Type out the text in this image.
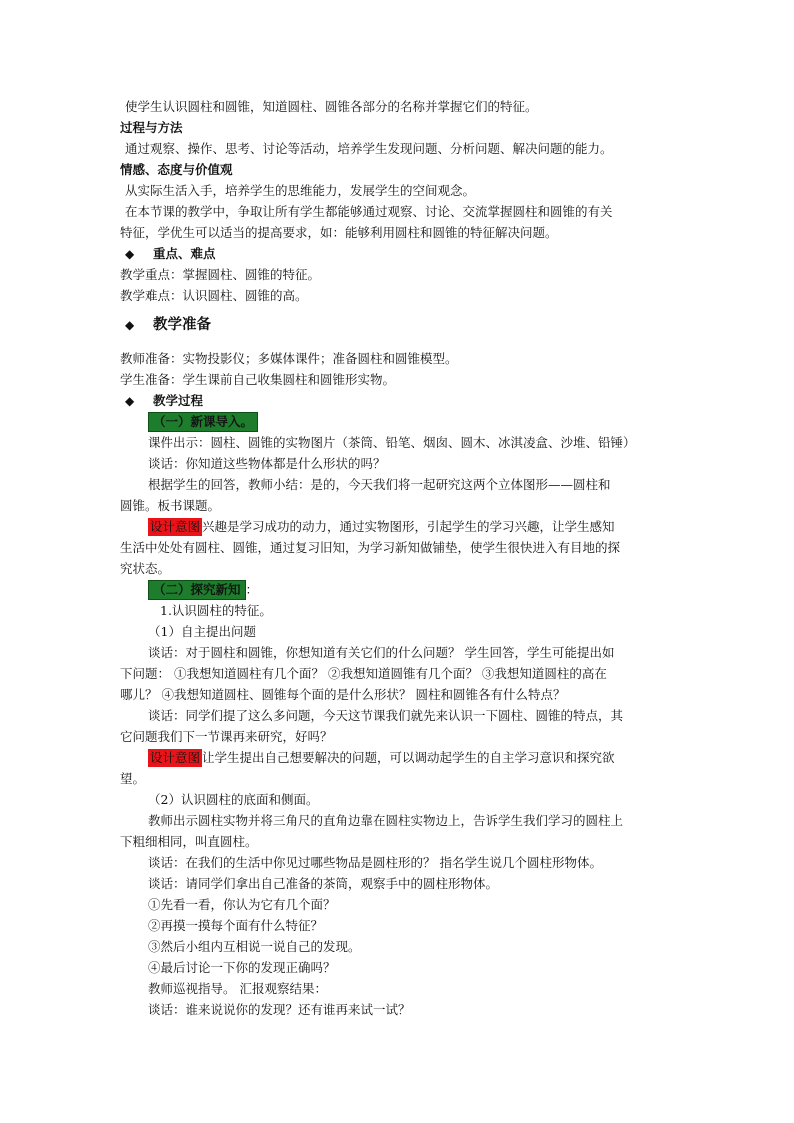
使学生认识圆柱和圆锥，知道圆柱、圆锥各部分的名称并掌握它们的特征。
过程与方法
通过观察、操作、思考、讨论等活动，培养学生发现问题、分析问题、解决问题的能力。
情感、态度与价值观
从实际生活入手，培养学生的思维能力，发展学生的空间观念。
在本节课的教学中，争取让所有学生都能够通过观察、讨论、交流掌握圆柱和圆锥的有关
特征，学优生可以适当的提高要求，如：能够利用圆柱和圆锥的特征解决问题。
◆ 重点、难点
教学重点：掌握圆柱、圆锥的特征。
教学难点：认识圆柱、圆锥的高。
◆ 教学准备
教师准备：实物投影仪；多媒体课件；准备圆柱和圆锥模型。
学生准备：学生课前自己收集圆柱和圆锥形实物。
◆ 教学过程
（一）新课导入。
课件出示：圆柱、圆锥的实物图片（茶筒、铅笔、烟囱、圆木、冰淇凌盒、沙堆、铅锤）
谈话：你知道这些物体都是什么形状的吗？
根据学生的回答，教师小结：是的，今天我们将一起研究这两个立体图形——圆柱和
圆锥。板书课题。
设计意图 兴趣是学习成功的动力，通过实物图形，引起学生的学习兴趣，让学生感知
生活中处处有圆柱、圆锥，通过复习旧知，为学习新知做铺垫，使学生很快进入有目地的探
究状态。
（二）探究新知 ：
1.认识圆柱的特征。
（1）自主提出问题
谈话：对于圆柱和圆锥，你想知道有关它们的什么问题？ 学生回答，学生可能提出如
下问题： ①我想知道圆柱有几个面？ ②我想知道圆锥有几个面？ ③我想知道圆柱的高在
哪儿？ ④我想知道圆柱、圆锥每个面的是什么形状？ 圆柱和圆锥各有什么特点？
谈话：同学们提了这么多问题，今天这节课我们就先来认识一下圆柱、圆锥的特点，其
它问题我们下一节课再来研究，好吗？
设计意图 让学生提出自己想要解决的问题，可以调动起学生的自主学习意识和探究欲
望。
（2）认识圆柱的底面和侧面。
教师出示圆柱实物并将三角尺的直角边靠在圆柱实物边上，告诉学生我们学习的圆柱上
下粗细相同，叫直圆柱。
谈话：在我们的生活中你见过哪些物品是圆柱形的？ 指名学生说几个圆柱形物体。
谈话：请同学们拿出自己准备的茶筒，观察手中的圆柱形物体。
①先看一看，你认为它有几个面？
②再摸一摸每个面有什么特征？
③然后小组内互相说一说自己的发现。
④最后讨论一下你的发现正确吗？
教师巡视指导。 汇报观察结果：
谈话：谁来说说你的发现？还有谁再来试一试？
